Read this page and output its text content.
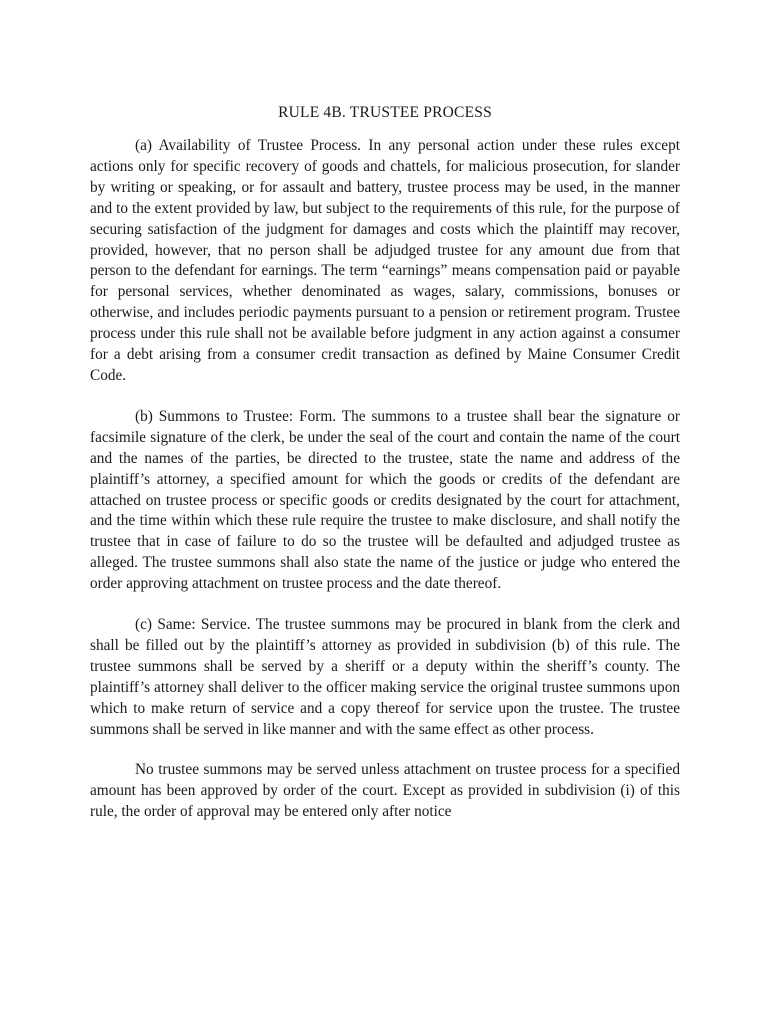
RULE 4B. TRUSTEE PROCESS

(a) Availability of Trustee Process. In any personal action under these rules except actions only for specific recovery of goods and chattels, for malicious prosecution, for slander by writing or speaking, or for assault and battery, trustee process may be used, in the manner and to the extent provided by law, but subject to the requirements of this rule, for the purpose of securing satisfaction of the judgment for damages and costs which the plaintiff may recover, provided, however, that no person shall be adjudged trustee for any amount due from that person to the defendant for earnings. The term “earnings” means compensation paid or payable for personal services, whether denominated as wages, salary, commissions, bonuses or otherwise, and includes periodic payments pursuant to a pension or retirement program. Trustee process under this rule shall not be available before judgment in any action against a consumer for a debt arising from a consumer credit transaction as defined by Maine Consumer Credit Code.

(b) Summons to Trustee: Form. The summons to a trustee shall bear the signature or facsimile signature of the clerk, be under the seal of the court and contain the name of the court and the names of the parties, be directed to the trustee, state the name and address of the plaintiff’s attorney, a specified amount for which the goods or credits of the defendant are attached on trustee process or specific goods or credits designated by the court for attachment, and the time within which these rule require the trustee to make disclosure, and shall notify the trustee that in case of failure to do so the trustee will be defaulted and adjudged trustee as alleged. The trustee summons shall also state the name of the justice or judge who entered the order approving attachment on trustee process and the date thereof.

(c) Same: Service. The trustee summons may be procured in blank from the clerk and shall be filled out by the plaintiff’s attorney as provided in subdivision (b) of this rule. The trustee summons shall be served by a sheriff or a deputy within the sheriff’s county. The plaintiff’s attorney shall deliver to the officer making service the original trustee summons upon which to make return of service and a copy thereof for service upon the trustee. The trustee summons shall be served in like manner and with the same effect as other process.

No trustee summons may be served unless attachment on trustee process for a specified amount has been approved by order of the court. Except as provided in subdivision (i) of this rule, the order of approval may be entered only after notice
